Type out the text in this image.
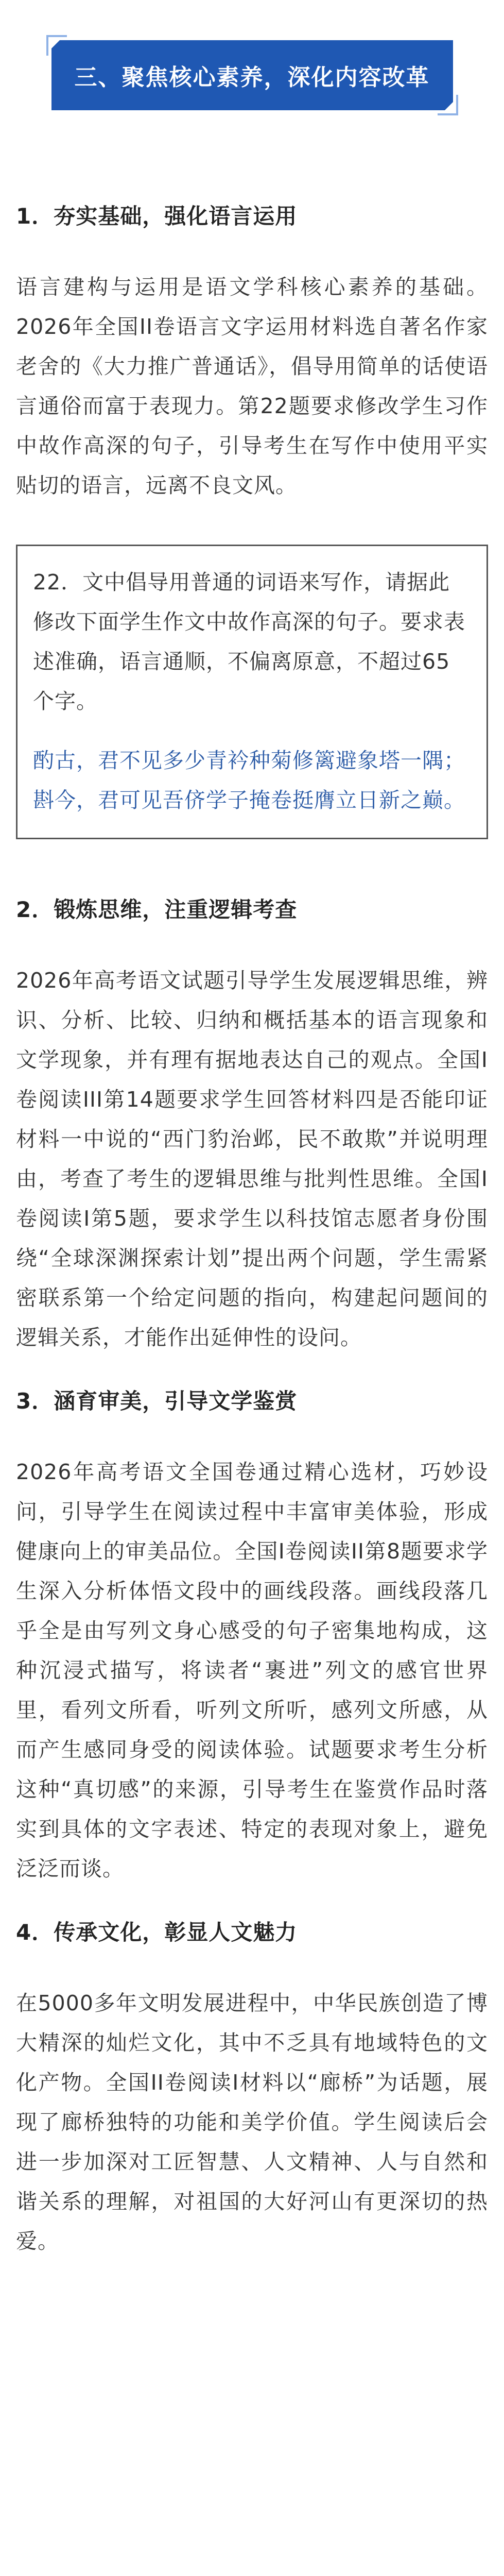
三、聚焦核心素养，深化内容改革
1．夯实基础，强化语言运用

语言建构与运用是语文学科核心素养的基础。2026年全国II卷语言文字运用材料选自著名作家老舍的《大力推广普通话》，倡导用简单的话使语言通俗而富于表现力。第22题要求修改学生习作中故作高深的句子，引导考生在写作中使用平实贴切的语言，远离不良文风。

22．文中倡导用普通的词语来写作，请据此修改下面学生作文中故作高深的句子。要求表述准确，语言通顺，不偏离原意，不超过65个字。

酌古，君不见多少青衿种菊修篱避象塔一隅；

斟今，君可见吾侪学子掩卷挺膺立日新之巅。

2．锻炼思维，注重逻辑考查

2026年高考语文试题引导学生发展逻辑思维，辨识、分析、比较、归纳和概括基本的语言现象和文学现象，并有理有据地表达自己的观点。全国I卷阅读III第14题要求学生回答材料四是否能印证材料一中说的“西门豹治邺，民不敢欺”并说明理由，考查了考生的逻辑思维与批判性思维。全国I卷阅读I第5题，要求学生以科技馆志愿者身份围绕“全球深渊探索计划”提出两个问题，学生需紧密联系第一个给定问题的指向，构建起问题间的逻辑关系，才能作出延伸性的设问。

3．涵育审美，引导文学鉴赏

2026年高考语文全国卷通过精心选材，巧妙设问，引导学生在阅读过程中丰富审美体验，形成健康向上的审美品位。全国I卷阅读II第8题要求学生深入分析体悟文段中的画线段落。画线段落几乎全是由写列文身心感受的句子密集地构成，这种沉浸式描写，将读者“裹进”列文的感官世界里，看列文所看，听列文所听，感列文所感，从而产生感同身受的阅读体验。试题要求考生分析这种“真切感”的来源，引导考生在鉴赏作品时落实到具体的文字表述、特定的表现对象上，避免泛泛而谈。

4．传承文化，彰显人文魅力

在5000多年文明发展进程中，中华民族创造了博大精深的灿烂文化，其中不乏具有地域特色的文化产物。全国II卷阅读I材料以“廊桥”为话题，展现了廊桥独特的功能和美学价值。学生阅读后会进一步加深对工匠智慧、人文精神、人与自然和谐关系的理解，对祖国的大好河山有更深切的热爱。
